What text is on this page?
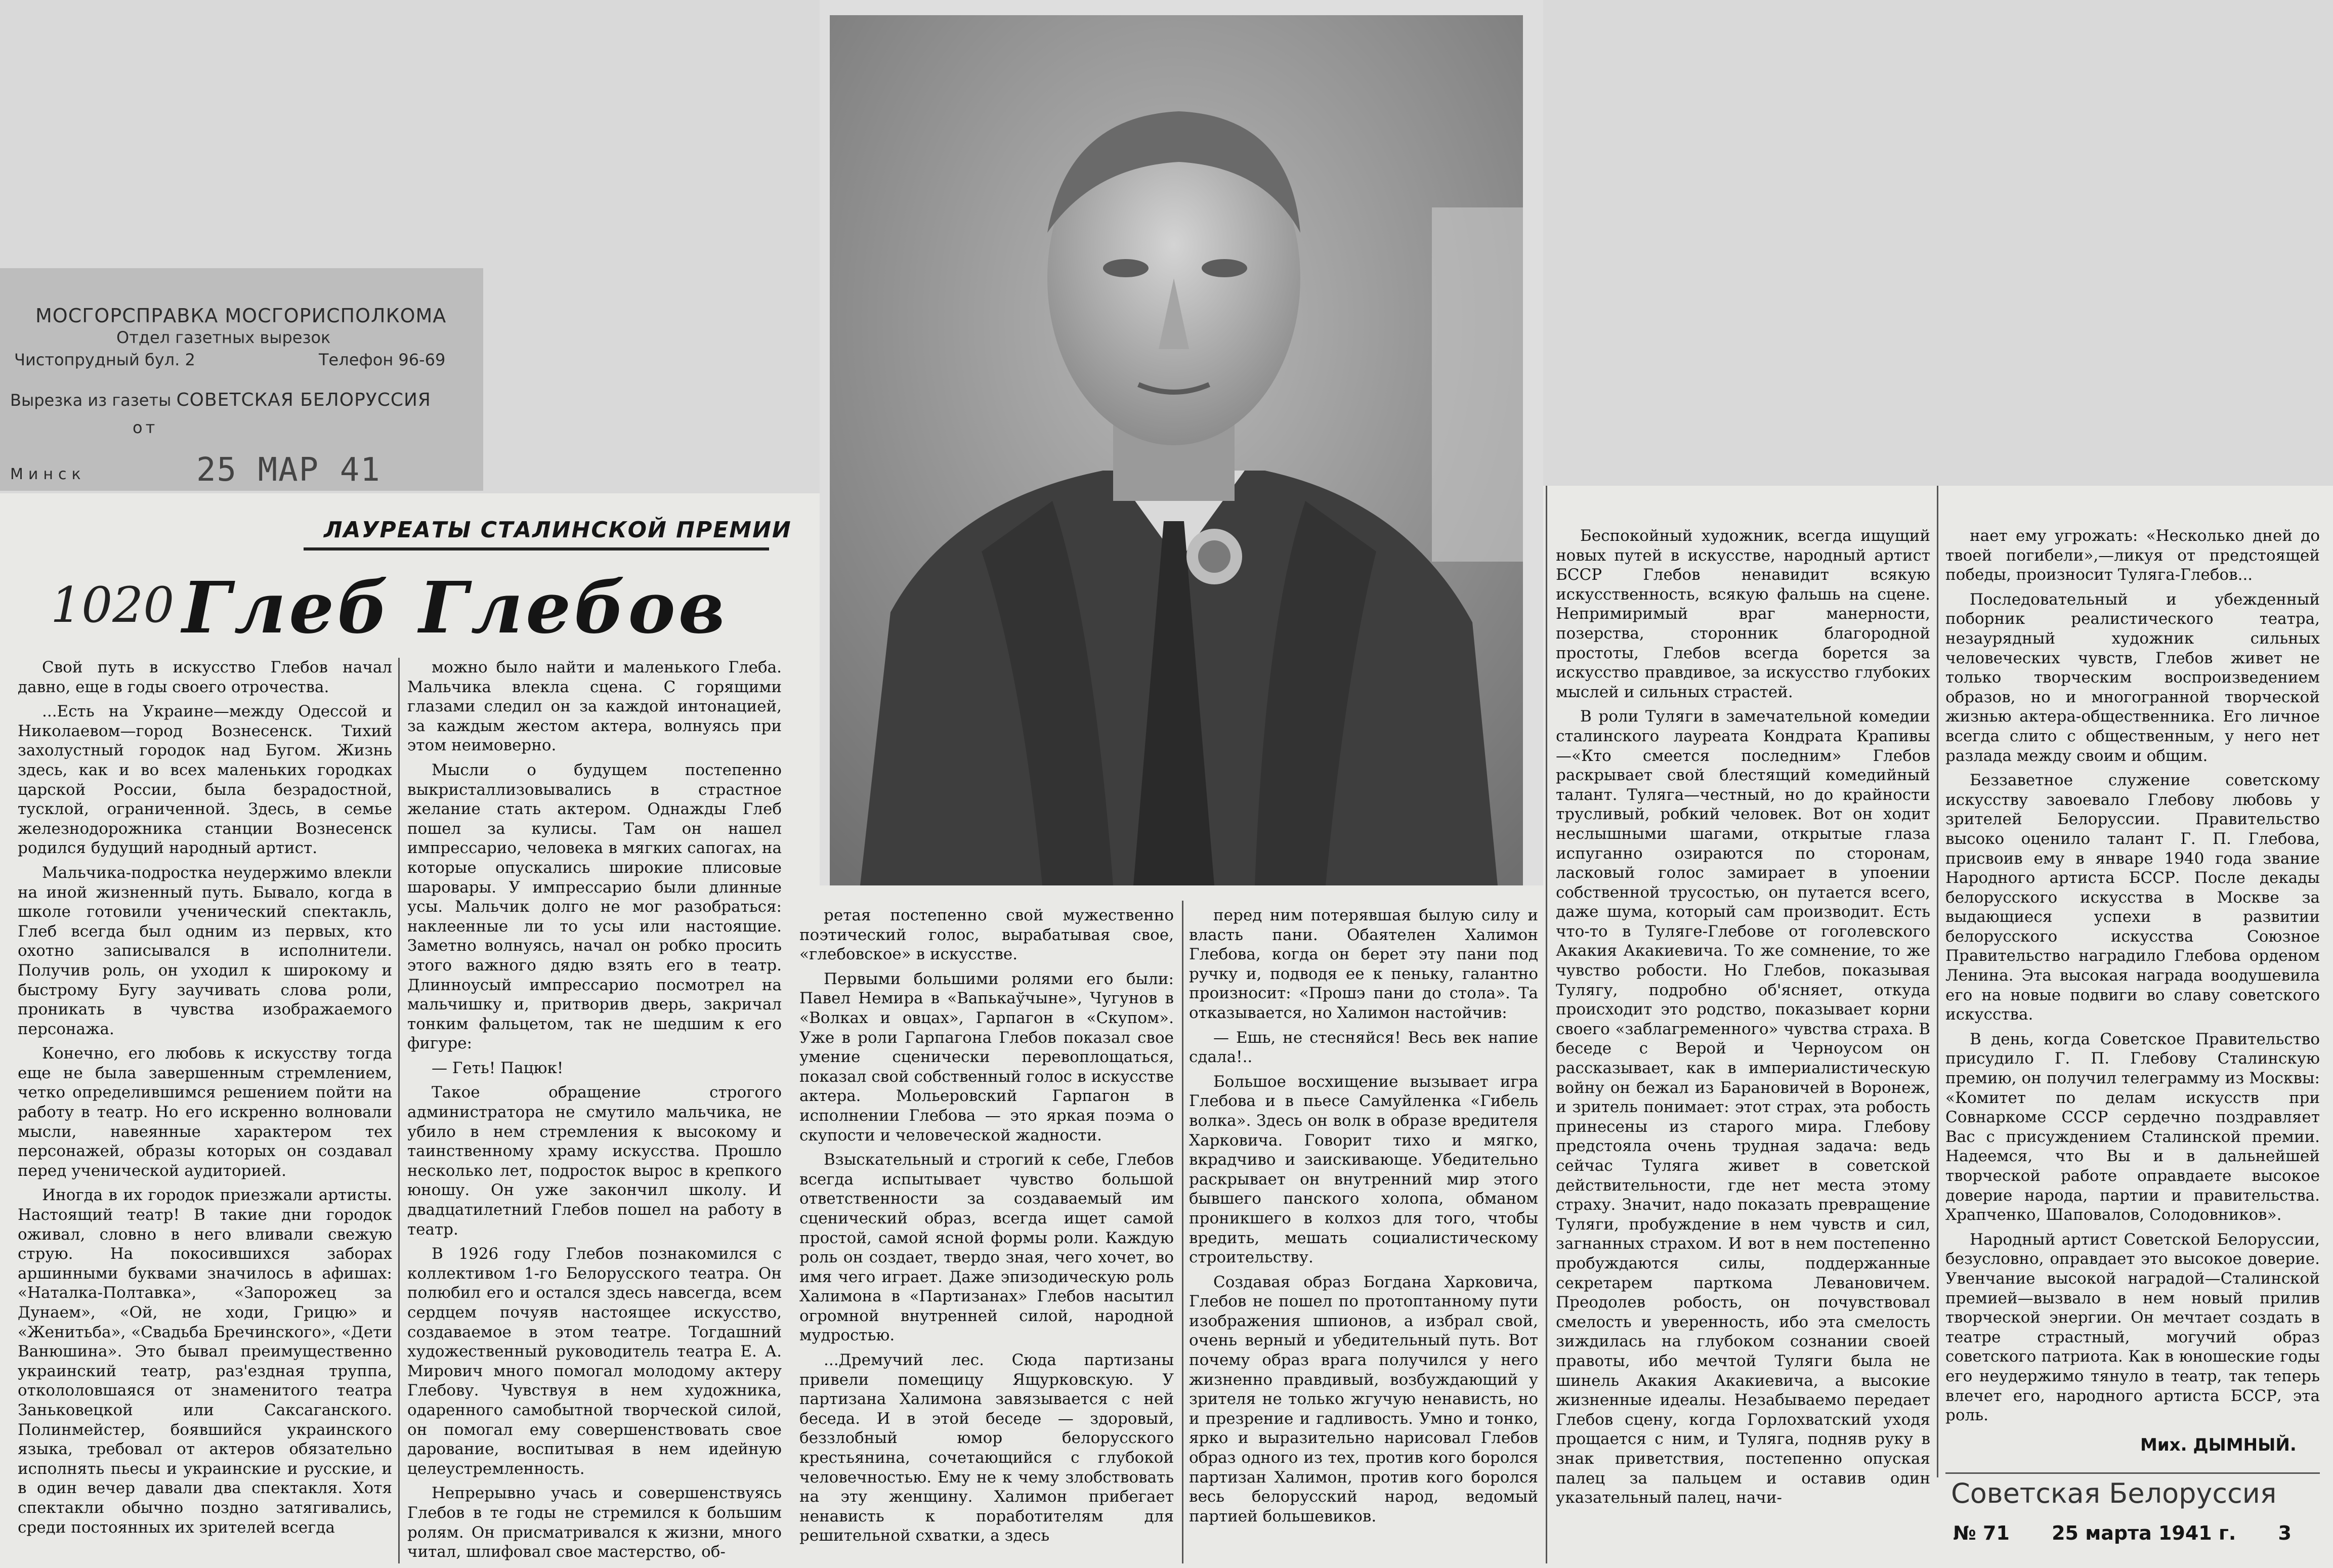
МОСГОРСПРАВКА МОСГОРИСПОЛКОМА
Отдел газетных вырезок
Чистопрудный бул. 2	Телефон 96-69
Вырезка из газеты СОВЕТСКАЯ БЕЛОРУССИЯ
от
25 МАР 41
Минск
ЛАУРЕАТЫ СТАЛИНСКОЙ ПРЕМИИ
1020 Глеб Глебов

Свой путь в искусство Глебов начал давно, еще в годы своего отрочества.

...Есть на Украине—между Одессой и Николаевом—город Вознесенск. Тихий захолустный городок над Бугом. Жизнь здесь, как и во всех маленьких городках царской России, была безрадостной, тусклой, ограниченной. Здесь, в семье железнодорожника станции Вознесенск родился будущий народный артист.

Мальчика-подростка неудержимо влекли на иной жизненный путь. Бывало, когда в школе готовили ученический спектакль, Глеб всегда был одним из первых, кто охотно записывался в исполнители. Получив роль, он уходил к широкому и быстрому Бугу заучивать слова роли, проникать в чувства изображаемого персонажа.

Конечно, его любовь к искусству тогда еще не была завершенным стремлением, четко определившимся решением пойти на работу в театр. Но его искренно волновали мысли, навеянные характером тех персонажей, образы которых он создавал перед ученической аудиторией.

Иногда в их городок приезжали артисты. Настоящий театр! В такие дни городок оживал, словно в него вливали свежую струю. На покосившихся заборах аршинными буквами значилось в афишах: «Наталка-Полтавка», «Запорожец за Дунаем», «Ой, не ходи, Грицю» и «Женитьба», «Свадьба Бречинского», «Дети Ванюшина». Это бывал преимущественно украинский театр, раз'ездная труппа, откололовшаяся от знаменитого театра Заньковецкой или Саксаганского. Полинмейстер, боявшийся украинского языка, требовал от актеров обязательно исполнять пьесы и украинские и русские, и в один вечер давали два спектакля. Хотя спектакли обычно поздно затягивались, среди постоянных их зрителей всегда

можно было найти и маленького Глеба. Мальчика влекла сцена. С горящими глазами следил он за каждой интонацией, за каждым жестом актера, волнуясь при этом неимоверно.

Мысли о будущем постепенно выкристаллизовывались в страстное желание стать актером. Однажды Глеб пошел за кулисы. Там он нашел импрессарио, человека в мягких сапогах, на которые опускались широкие плисовые шаровары. У импрессарио были длинные усы. Мальчик долго не мог разобраться: наклеенные ли то усы или настоящие. Заметно волнуясь, начал он робко просить этого важного дядю взять его в театр. Длинноусый импрессарио посмотрел на мальчишку и, притворив дверь, закричал тонким фальцетом, так не шедшим к его фигуре:

— Геть! Пацюк!

Такое обращение строгого администратора не смутило мальчика, не убило в нем стремления к высокому и таинственному храму искусства. Прошло несколько лет, подросток вырос в крепкого юношу. Он уже закончил школу. И двадцатилетний Глебов пошел на работу в театр.

В 1926 году Глебов познакомился с коллективом 1-го Белорусского театра. Он полюбил его и остался здесь навсегда, всем сердцем почуяв настоящее искусство, создаваемое в этом театре. Тогдашний художественный руководитель театра Е. А. Мирович много помогал молодому актеру Глебову. Чувствуя в нем художника, одаренного самобытной творческой силой, он помогал ему совершенствовать свое дарование, воспитывая в нем идейную целеустремленность.

Непрерывно учась и совершенствуясь Глебов в те годы не стремился к большим ролям. Он присматривался к жизни, много читал, шлифовал свое мастерство, об-

ретая постепенно свой мужественно поэтический голос, вырабатывая свое, «глебовское» в искусстве.

Первыми большими ролями его были: Павел Немира в «Вапькаўчыне», Чугунов в «Волках и овцах», Гарпагон в «Скупом». Уже в роли Гарпагона Глебов показал свое умение сценически перевоплощаться, показал свой собственный голос в искусстве актера. Мольеровский Гарпагон в исполнении Глебова — это яркая поэма о скупости и человеческой жадности.

Взыскательный и строгий к себе, Глебов всегда испытывает чувство большой ответственности за создаваемый им сценический образ, всегда ищет самой простой, самой ясной формы роли. Каждую роль он создает, твердо зная, чего хочет, во имя чего играет. Даже эпизодическую роль Халимона в «Партизанах» Глебов насытил огромной внутренней силой, народной мудростью.

...Дремучий лес. Сюда партизаны привели помещицу Ящурковскую. У партизана Халимона завязывается с ней беседа. И в этой беседе — здоровый, беззлобный юмор белорусского крестьянина, сочетающийся с глубокой человечностью. Ему не к чему злобствовать на эту женщину. Халимон прибегает ненависть к поработителям для решительной схватки, а здесь

перед ним потерявшая былую силу и власть пани. Обаятелен Халимон Глебова, когда он берет эту пани под ручку и, подводя ее к пеньку, галантно произносит: «Прошэ пани до стола». Та отказывается, но Халимон настойчив:

— Ешь, не стесняйся! Весь век напие сдала!..

Большое восхищение вызывает игра Глебова и в пьесе Самуйленка «Гибель волка». Здесь он волк в образе вредителя Харковича. Говорит тихо и мягко, вкрадчиво и заискивающе. Убедительно раскрывает он внутренний мир этого бывшего панского холопа, обманом проникшего в колхоз для того, чтобы вредить, мешать социалистическому строительству.

Создавая образ Богдана Харковича, Глебов не пошел по протоптанному пути изображения шпионов, а избрал свой, очень верный и убедительный путь. Вот почему образ врага получился у него жизненно правдивый, возбуждающий у зрителя не только жгучую ненависть, но и презрение и гадливость. Умно и тонко, ярко и выразительно нарисовал Глебов образ одного из тех, против кого боролся партизан Халимон, против кого боролся весь белорусский народ, ведомый партией большевиков.

Беспокойный художник, всегда ищущий новых путей в искусстве, народный артист БССР Глебов ненавидит всякую искусственность, всякую фальшь на сцене. Непримиримый враг манерности, позерства, сторонник благородной простоты, Глебов всегда борется за искусство правдивое, за искусство глубоких мыслей и сильных страстей.

В роли Туляги в замечательной комедии сталинского лауреата Кондрата Крапивы—«Кто смеется последним» Глебов раскрывает свой блестящий комедийный талант. Туляга—честный, но до крайности трусливый, робкий человек. Вот он ходит неслышными шагами, открытые глаза испуганно озираются по сторонам, ласковый голос замирает в упоении собственной трусостью, он путается всего, даже шума, который сам производит. Есть что-то в Туляге-Глебове от гоголевского Акакия Акакиевича. То же сомнение, то же чувство робости. Но Глебов, показывая Тулягу, подробно об'ясняет, откуда происходит это родство, показывает корни своего «заблагременного» чувства страха. В беседе с Верой и Черноусом он рассказывает, как в империалистическую войну он бежал из Барановичей в Воронеж, и зритель понимает: этот страх, эта робость принесены из старого мира. Глебову предстояла очень трудная задача: ведь сейчас Туляга живет в советской действительности, где нет места этому страху. Значит, надо показать превращение Туляги, пробуждение в нем чувств и сил, загнанных страхом. И вот в нем постепенно пробуждаются силы, поддержанные секретарем парткома Левановичем. Преодолев робость, он почувствовал смелость и уверенность, ибо эта смелость зиждилась на глубоком сознании своей правоты, ибо мечтой Туляги была не шинель Акакия Акакиевича, а высокие жизненные идеалы. Незабываемо передает Глебов сцену, когда Горлохватский уходя прощается с ним, и Туляга, подняв руку в знак приветствия, постепенно опуская палец за пальцем и оставив один указательный палец, начи-

нает ему угрожать: «Несколько дней до твоей погибели»,—ликуя от предстоящей победы, произносит Туляга-Глебов...

Последовательный и убежденный поборник реалистического театра, незаурядный художник сильных человеческих чувств, Глебов живет не только творческим воспроизведением образов, но и многогранной творческой жизнью актера-общественника. Его личное всегда слито с общественным, у него нет разлада между своим и общим.

Беззаветное служение советскому искусству завоевало Глебову любовь у зрителей Белоруссии. Правительство высоко оценило талант Г. П. Глебова, присвоив ему в январе 1940 года звание Народного артиста БССР. После декады белорусского искусства в Москве за выдающиеся успехи в развитии белорусского искусства Союзное Правительство наградило Глебова орденом Ленина. Эта высокая награда воодушевила его на новые подвиги во славу советского искусства.

В день, когда Советское Правительство присудило Г. П. Глебову Сталинскую премию, он получил телеграмму из Москвы: «Комитет по делам искусств при Совнаркоме СССР сердечно поздравляет Вас с присуждением Сталинской премии. Надеемся, что Вы и в дальнейшей творческой работе оправдаете высокое доверие народа, партии и правительства. Храпченко, Шаповалов, Солодовников».

Народный артист Советской Белоруссии, безусловно, оправдает это высокое доверие. Увенчание высокой наградой—Сталинской премией—вызвало в нем новый прилив творческой энергии. Он мечтает создать в театре страстный, могучий образ советского патриота. Как в юношеские годы его неудержимо тянуло в театр, так теперь влечет его, народного артиста БССР, эта роль.

Мих. ДЫМНЫЙ.
Советская Белоруссия
№ 71 25 марта 1941 г. 3
